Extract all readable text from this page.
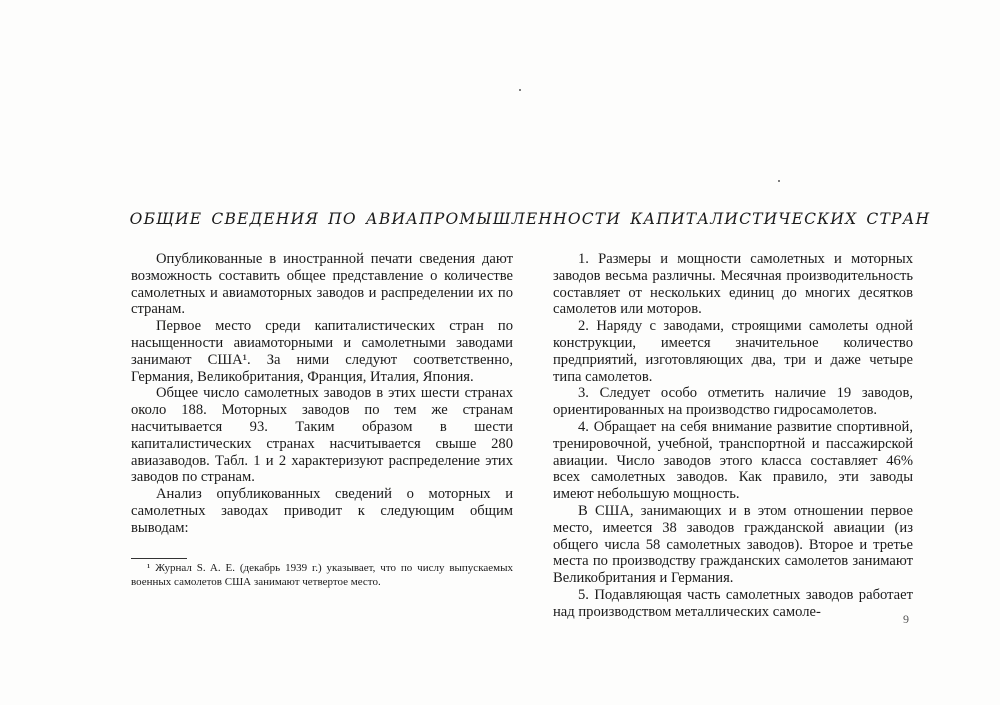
ОБЩИЕ СВЕДЕНИЯ ПО АВИАПРОМЫШЛЕННОСТИ КАПИТАЛИСТИЧЕСКИХ СТРАН

Опубликованные в иностранной печати сведения дают возможность составить общее представление о количестве самолетных и авиамоторных заводов и распределении их по странам.

Первое место среди капиталистических стран по насыщенности авиамоторными и самолетными заводами занимают США¹. За ними следуют соответственно, Германия, Великобритания, Франция, Италия, Япония.

Общее число самолетных заводов в этих шести странах около 188. Моторных заводов по тем же странам насчитывается 93. Таким образом в шести капиталистических странах насчитывается свыше 280 авиазаводов. Табл. 1 и 2 характеризуют распределение этих заводов по странам.

Анализ опубликованных сведений о моторных и самолетных заводах приводит к следующим общим выводам:

¹ Журнал S. A. E. (декабрь 1939 г.) указывает, что по числу выпускаемых военных самолетов США занимают четвертое место.

1. Размеры и мощности самолетных и моторных заводов весьма различны. Месячная производительность составляет от нескольких единиц до многих десятков самолетов или моторов.

2. Наряду с заводами, строящими самолеты одной конструкции, имеется значительное количество предприятий, изготовляющих два, три и даже четыре типа самолетов.

3. Следует особо отметить наличие 19 заводов, ориентированных на производство гидросамолетов.

4. Обращает на себя внимание развитие спортивной, тренировочной, учебной, транспортной и пассажирской авиации. Число заводов этого класса составляет 46% всех самолетных заводов. Как правило, эти заводы имеют небольшую мощность.

В США, занимающих и в этом отношении первое место, имеется 38 заводов гражданской авиации (из общего числа 58 самолетных заводов). Второе и третье места по производству гражданских самолетов занимают Великобритания и Германия.

5. Подавляющая часть самолетных заводов работает над производством металлических самоле-	9
